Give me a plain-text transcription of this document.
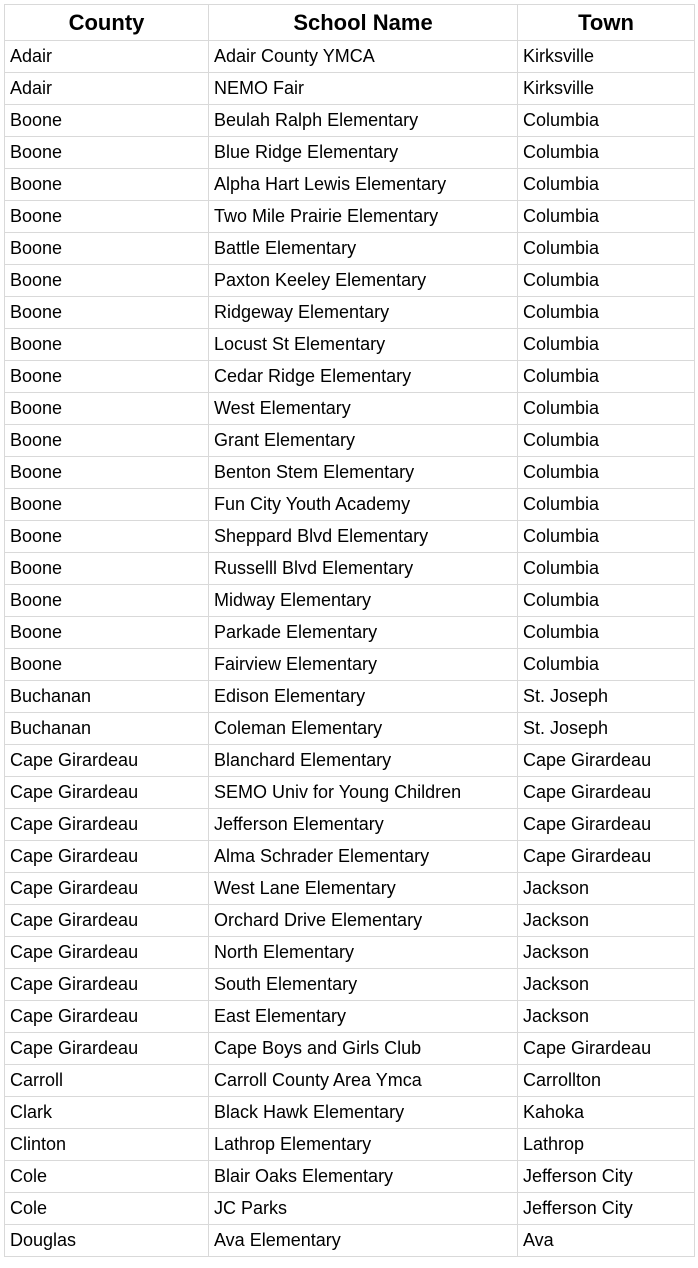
County	School Name	Town
Adair	Adair County YMCA	Kirksville
Adair	NEMO Fair	Kirksville
Boone	Beulah Ralph Elementary	Columbia
Boone	Blue Ridge Elementary	Columbia
Boone	Alpha Hart Lewis Elementary	Columbia
Boone	Two Mile Prairie Elementary	Columbia
Boone	Battle Elementary	Columbia
Boone	Paxton Keeley Elementary	Columbia
Boone	Ridgeway Elementary	Columbia
Boone	Locust St Elementary	Columbia
Boone	Cedar Ridge Elementary	Columbia
Boone	West Elementary	Columbia
Boone	Grant Elementary	Columbia
Boone	Benton Stem Elementary	Columbia
Boone	Fun City Youth Academy	Columbia
Boone	Sheppard Blvd Elementary	Columbia
Boone	Russelll Blvd Elementary	Columbia
Boone	Midway Elementary	Columbia
Boone	Parkade Elementary	Columbia
Boone	Fairview Elementary	Columbia
Buchanan	Edison Elementary	St. Joseph
Buchanan	Coleman Elementary	St. Joseph
Cape Girardeau	Blanchard Elementary	Cape Girardeau
Cape Girardeau	SEMO Univ for Young Children	Cape Girardeau
Cape Girardeau	Jefferson Elementary	Cape Girardeau
Cape Girardeau	Alma Schrader Elementary	Cape Girardeau
Cape Girardeau	West Lane Elementary	Jackson
Cape Girardeau	Orchard Drive Elementary	Jackson
Cape Girardeau	North Elementary	Jackson
Cape Girardeau	South Elementary	Jackson
Cape Girardeau	East Elementary	Jackson
Cape Girardeau	Cape Boys and Girls Club	Cape Girardeau
Carroll	Carroll County Area Ymca	Carrollton
Clark	Black Hawk Elementary	Kahoka
Clinton	Lathrop Elementary	Lathrop
Cole	Blair Oaks Elementary	Jefferson City
Cole	JC Parks	Jefferson City
Douglas	Ava Elementary	Ava
